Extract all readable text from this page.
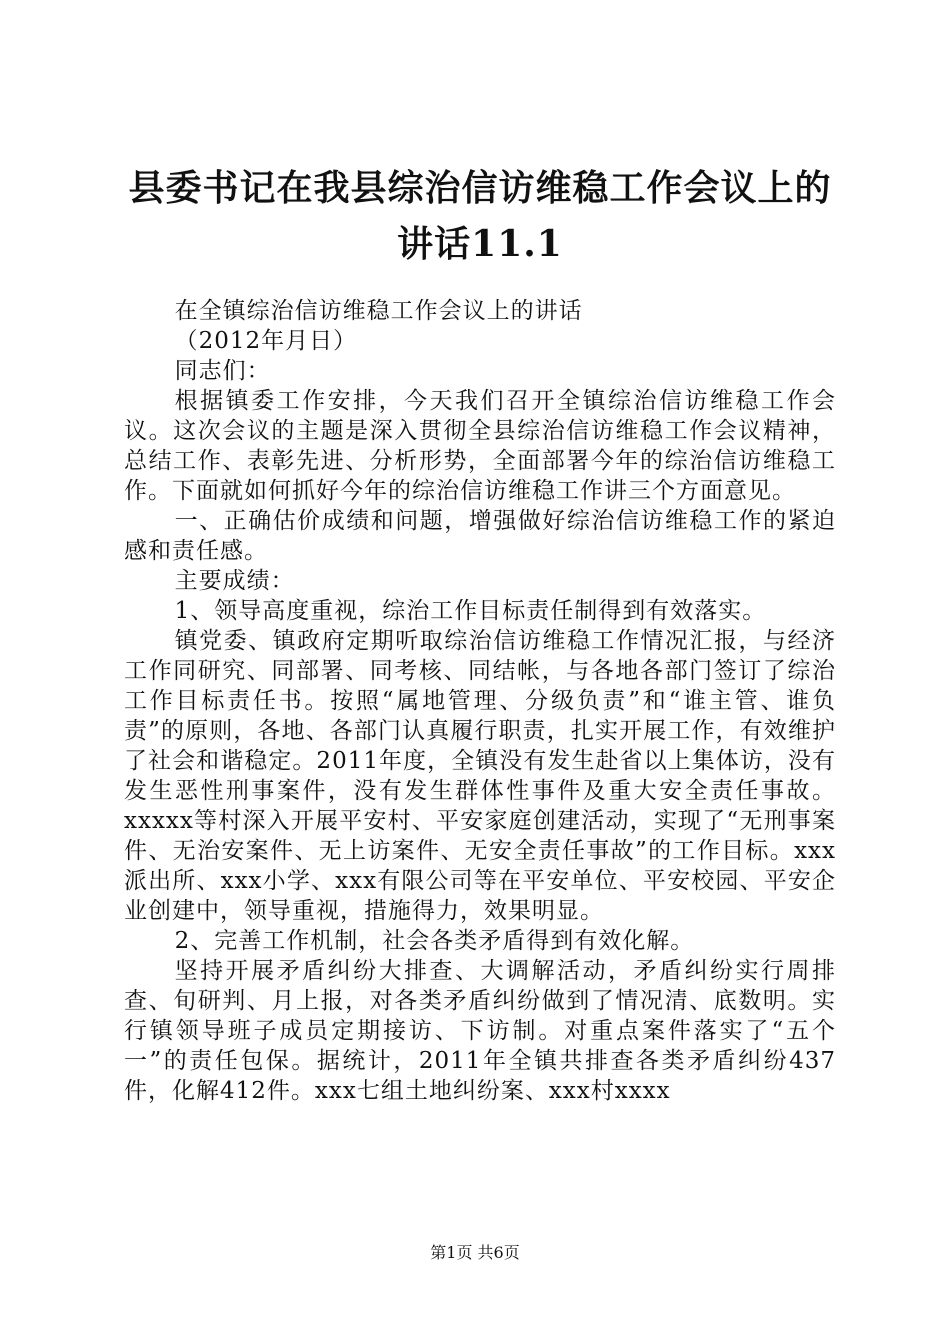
县委书记在我县综治信访维稳工作会议上的讲话11.1

在全镇综治信访维稳工作会议上的讲话

（2012年月日）

同志们：

根据镇委工作安排，今天我们召开全镇综治信访维稳工作会议。这次会议的主题是深入贯彻全县综治信访维稳工作会议精神，总结工作、表彰先进、分析形势，全面部署今年的综治信访维稳工作。下面就如何抓好今年的综治信访维稳工作讲三个方面意见。

一、正确估价成绩和问题，增强做好综治信访维稳工作的紧迫感和责任感。

主要成绩：

1、领导高度重视，综治工作目标责任制得到有效落实。

镇党委、镇政府定期听取综治信访维稳工作情况汇报，与经济工作同研究、同部署、同考核、同结帐，与各地各部门签订了综治工作目标责任书。按照“属地管理、分级负责”和“谁主管、谁负责”的原则，各地、各部门认真履行职责，扎实开展工作，有效维护了社会和谐稳定。2011年度，全镇没有发生赴省以上集体访，没有发生恶性刑事案件，没有发生群体性事件及重大安全责任事故。xxxxx等村深入开展平安村、平安家庭创建活动，实现了“无刑事案件、无治安案件、无上访案件、无安全责任事故”的工作目标。xxx派出所、xxx小学、xxx有限公司等在平安单位、平安校园、平安企业创建中，领导重视，措施得力，效果明显。

2、完善工作机制，社会各类矛盾得到有效化解。

坚持开展矛盾纠纷大排查、大调解活动，矛盾纠纷实行周排查、旬研判、月上报，对各类矛盾纠纷做到了情况清、底数明。实行镇领导班子成员定期接访、下访制。对重点案件落实了“五个一”的责任包保。据统计，2011年全镇共排查各类矛盾纠纷437件，化解412件。xxx七组土地纠纷案、xxx村xxxx

第1页 共6页
